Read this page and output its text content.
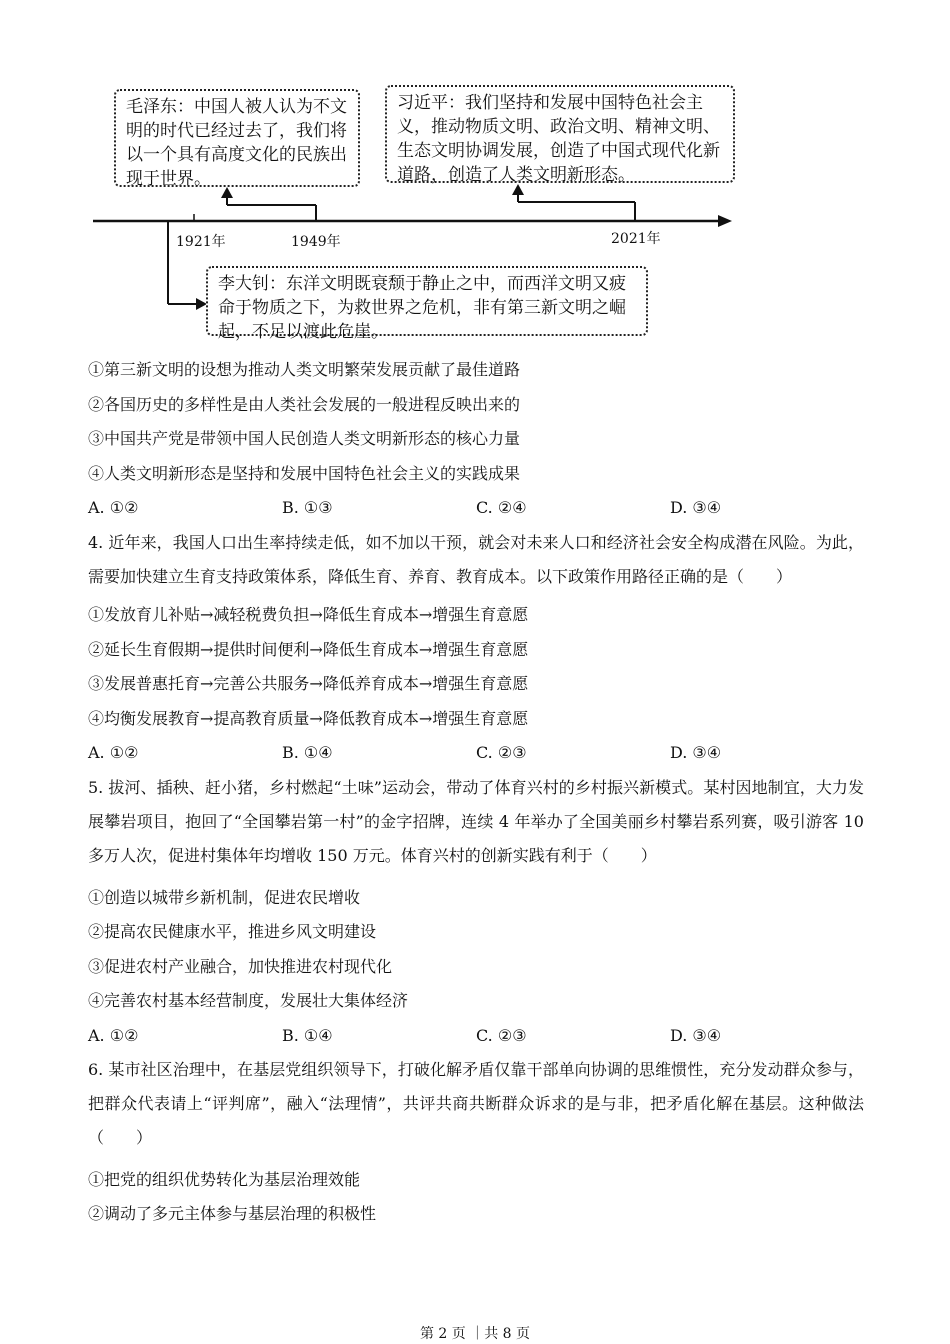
毛泽东：中国人被人认为不文明的时代已经过去了，我们将以一个具有高度文化的民族出现于世界。
习近平：我们坚持和发展中国特色社会主义，推动物质文明、政治文明、精神文明、生态文明协调发展，创造了中国式现代化新道路，创造了人类文明新形态。
李大钊：东洋文明既衰颓于静止之中，而西洋文明又疲命于物质之下，为救世界之危机，非有第三新文明之崛起，不足以渡此危崖。
1921年	1949年	2021年
①第三新文明的设想为推动人类文明繁荣发展贡献了最佳道路
②各国历史的多样性是由人类社会发展的一般进程反映出来的
③中国共产党是带领中国人民创造人类文明新形态的核心力量
④人类文明新形态是坚持和发展中国特色社会主义的实践成果
A. ①②	B. ①③	C. ②④	D. ③④
4. 近年来，我国人口出生率持续走低，如不加以干预，就会对未来人口和经济社会安全构成潜在风险。为此，需要加快建立生育支持政策体系，降低生育、养育、教育成本。以下政策作用路径正确的是（　　）
①发放育儿补贴→减轻税费负担→降低生育成本→增强生育意愿
②延长生育假期→提供时间便利→降低生育成本→增强生育意愿
③发展普惠托育→完善公共服务→降低养育成本→增强生育意愿
④均衡发展教育→提高教育质量→降低教育成本→增强生育意愿
A. ①②	B. ①④	C. ②③	D. ③④
5. 拔河、插秧、赶小猪，乡村燃起“土味”运动会，带动了体育兴村的乡村振兴新模式。某村因地制宜，大力发展攀岩项目，抱回了“全国攀岩第一村”的金字招牌，连续 4 年举办了全国美丽乡村攀岩系列赛，吸引游客 10 多万人次，促进村集体年均增收 150 万元。体育兴村的创新实践有利于（　　）
①创造以城带乡新机制，促进农民增收
②提高农民健康水平，推进乡风文明建设
③促进农村产业融合，加快推进农村现代化
④完善农村基本经营制度，发展壮大集体经济
A. ①②	B. ①④	C. ②③	D. ③④
6. 某市社区治理中，在基层党组织领导下，打破化解矛盾仅靠干部单向协调的思维惯性，充分发动群众参与，把群众代表请上“评判席”，融入“法理情”，共评共商共断群众诉求的是与非，把矛盾化解在基层。这种做法（　　）
①把党的组织优势转化为基层治理效能
②调动了多元主体参与基层治理的积极性
第 2 页 ｜共 8 页
